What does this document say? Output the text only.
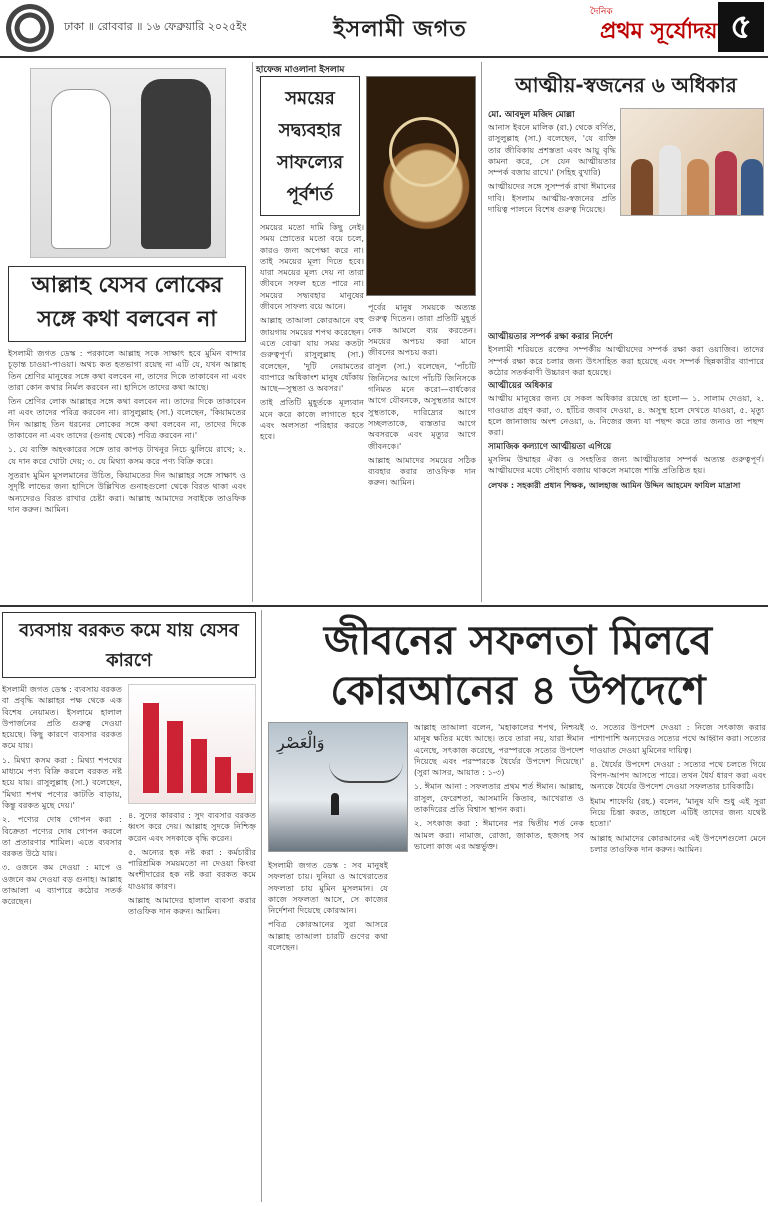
ঢাকা ॥ রোববার ॥ ১৬ ফেব্রুয়ারি ২০২৫ইং	ইসলামী জগত
দৈনিক
প্রথম সূর্যোদয় ৫
আল্লাহ যেসব লোকের সঙ্গে কথা বলবেন না

ইসলামী জগত ডেস্ক : পরকালে আল্লাহ সকে সাক্ষাৎ হবে মুমিন বান্দার চূড়ান্ত চাওয়া-পাওয়া। অথচ কত হতভাগা রয়েছ না এটি যে, যখন আল্লাহ তিন শ্রেণির মানুষের সঙ্গে কথা বলবেন না, তাদের দিকে তাকাবেন না এবং তারা কোন কথার নির্মল করবেন না। হাদিসে তাদের কথা আছে।

তিন শ্রেণির লোক আল্লাহর সঙ্গে কথা বলবেন না। তাদের দিকে তাকাবেন না এবং তাদের পবিত্র করবেন না। রাসুলুল্লাহ (সা.) বলেছেন, 'কিয়ামতের দিন আল্লাহ তিন ধরনের লোকের সঙ্গে কথা বলবেন না, তাদের দিকে তাকাবেন না এবং তাদের (গুনাহ থেকে) পবিত্র করবেন না।'

১. যে ব্যক্তি অহংকারের সঙ্গে তার কাপড় টাখনুর নিচে ঝুলিয়ে রাখে; ২. যে দান করে খোটা দেয়; ৩. যে মিথ্যা কসম করে পণ্য বিক্রি করে।

সুতরাং মুমিন মুসলমানের উচিত, কিয়ামতের দিন আল্লাহর সঙ্গে সাক্ষাৎ ও সুদৃষ্টি লাভের জন্য হাদিসে উল্লিখিত গুনাহগুলো থেকে বিরত থাকা এবং অন্যদেরও বিরত রাখার চেষ্টা করা। আল্লাহ আমাদের সবাইকে তাওফিক দান করুন। আমিন।

হাফেজ মাওলানা ইসলাম
সময়ের সদ্ব্যবহার সাফল্যের পূর্বশর্ত

সময়ের মতো দামি কিছু নেই। সময় স্রোতের মতো বয়ে চলে, কারও জন্য অপেক্ষা করে না। তাই সময়ের মূল্য দিতে হবে। যারা সময়ের মূল্য দেয় না তারা জীবনে সফল হতে পারে না। সময়ের সদ্ব্যবহার মানুষের জীবনে সাফল্য বয়ে আনে।

আল্লাহ তাআলা কোরআনে বহু জায়গায় সময়ের শপথ করেছেন। এতে বোঝা যায় সময় কতটা গুরুত্বপূর্ণ। রাসুলুল্লাহ (সা.) বলেছেন, 'দুটি নেয়ামতের ব্যাপারে অধিকাংশ মানুষ ধোঁকায় আছে—সুস্থতা ও অবসর।'

তাই প্রতিটি মুহূর্তকে মূল্যবান মনে করে কাজে লাগাতে হবে এবং অলসতা পরিহার করতে হবে।

পূর্বের মানুষ সময়কে অত্যন্ত গুরুত্ব দিতেন। তারা প্রতিটি মুহূর্ত নেক আমলে ব্যয় করতেন। সময়ের অপচয় করা মানে জীবনের অপচয় করা।

রাসুল (সা.) বলেছেন, 'পাঁচটি জিনিসের আগে পাঁচটি জিনিসকে গনিমত মনে করো—বার্ধক্যের আগে যৌবনকে, অসুস্থতার আগে সুস্থতাকে, দারিদ্র্যের আগে সচ্ছলতাকে, ব্যস্ততার আগে অবসরকে এবং মৃত্যুর আগে জীবনকে।'

আল্লাহ আমাদের সময়ের সঠিক ব্যবহার করার তাওফিক দান করুন। আমিন।

আত্মীয়-স্বজনের ৬ অধিকার
মো. আবদুল মজিদ মোল্লা

আনাস ইবনে মালিক (রা.) থেকে বর্ণিত, রাসুলুল্লাহ (সা.) বলেছেন, 'যে ব্যক্তি তার জীবিকায় প্রশস্ততা এবং আয়ু বৃদ্ধি কামনা করে, সে যেন আত্মীয়তার সম্পর্ক বজায় রাখে।' (সহিহ বুখারি)

আত্মীয়দের সঙ্গে সুসম্পর্ক রাখা ঈমানের দাবি। ইসলাম আত্মীয়-স্বজনের প্রতি দায়িত্ব পালনে বিশেষ গুরুত্ব দিয়েছে।

আত্মীয়তার সম্পর্ক রক্ষা করার নির্দেশ

ইসলামী শরিয়তে রক্তের সম্পর্কীয় আত্মীয়দের সম্পর্ক রক্ষা করা ওয়াজিব। তাদের সম্পর্ক রক্ষা করে চলার জন্য উৎসাহিত করা হয়েছে এবং সম্পর্ক ছিন্নকারীর ব্যাপারে কঠোর সতর্কবাণী উচ্চারণ করা হয়েছে।

আত্মীয়ের অধিকার

আত্মীয় মানুষের জন্য যে সকল অধিকার রয়েছে তা হলো— ১. সালাম দেওয়া, ২. দাওয়াত গ্রহণ করা, ৩. হাঁচির জবাব দেওয়া, ৪. অসুস্থ হলে দেখতে যাওয়া, ৫. মৃত্যু হলে জানাজায় অংশ নেওয়া, ৬. নিজের জন্য যা পছন্দ করে তার জন্যও তা পছন্দ করা।

সামাজিক কল্যাণে আত্মীয়তা এগিয়ে

মুসলিম উম্মাহর ঐক্য ও সংহতির জন্য আত্মীয়তার সম্পর্ক অত্যন্ত গুরুত্বপূর্ণ। আত্মীয়দের মধ্যে সৌহার্দ্য বজায় থাকলে সমাজে শান্তি প্রতিষ্ঠিত হয়।

লেখক : সহকারী প্রধান শিক্ষক, আলহাজ আমিন উদ্দিন আহমেদ ফাযিল মাদ্রাসা

ব্যবসায় বরকত কমে যায় যেসব কারণে

ইসলামী জগত ডেস্ক : ব্যবসায় বরকত বা প্রবৃদ্ধি আল্লাহর পক্ষ থেকে এক বিশেষ নেয়ামত। ইসলামে হালাল উপার্জনের প্রতি গুরুত্ব দেওয়া হয়েছে। কিছু কারণে ব্যবসার বরকত কমে যায়।

১. মিথ্যা কসম করা : মিথ্যা শপথের মাধ্যমে পণ্য বিক্রি করলে বরকত নষ্ট হয়ে যায়। রাসুলুল্লাহ (সা.) বলেছেন, 'মিথ্যা শপথ পণ্যের কাটতি বাড়ায়, কিন্তু বরকত মুছে দেয়।'

২. পণ্যের দোষ গোপন করা : বিক্রেতা পণ্যের দোষ গোপন করলে তা প্রতারণার শামিল। এতে ব্যবসার বরকত উঠে যায়।

৩. ওজনে কম দেওয়া : মাপে ও ওজনে কম দেওয়া বড় গুনাহ। আল্লাহ তাআলা এ ব্যাপারে কঠোর সতর্ক করেছেন।

৪. সুদের কারবার : সুদ ব্যবসার বরকত ধ্বংস করে দেয়। আল্লাহ সুদকে নিশ্চিহ্ন করেন এবং সদকাকে বৃদ্ধি করেন।

৫. অন্যের হক নষ্ট করা : কর্মচারীর পারিশ্রমিক সময়মতো না দেওয়া কিংবা অংশীদারের হক নষ্ট করা বরকত কমে যাওয়ার কারণ।

আল্লাহ আমাদের হালাল ব্যবসা করার তাওফিক দান করুন। আমিন।

জীবনের সফলতা মিলবে কোরআনের ৪ উপদেশে
وَالْعَصْرِ

ইসলামী জগত ডেস্ক : সব মানুষই সফলতা চায়। দুনিয়া ও আখেরাতের সফলতা চায় মুমিন মুসলমান। যে কাজে সফলতা আসে, সে কাজের নির্দেশনা দিয়েছে কোরআন।

পবিত্র কোরআনের সুরা আসরে আল্লাহ তাআলা চারটি গুণের কথা বলেছেন।

আল্লাহ তাআলা বলেন, 'মহাকালের শপথ, নিশ্চয়ই মানুষ ক্ষতির মধ্যে আছে। তবে তারা নয়, যারা ঈমান এনেছে, সৎকাজ করেছে, পরস্পরকে সত্যের উপদেশ দিয়েছে এবং পরস্পরকে ধৈর্যের উপদেশ দিয়েছে।' (সুরা আসর, আয়াত : ১-৩)

১. ঈমান আনা : সফলতার প্রথম শর্ত ঈমান। আল্লাহ, রাসুল, ফেরেশতা, আসমানি কিতাব, আখেরাত ও তাকদিরের প্রতি বিশ্বাস স্থাপন করা।

২. সৎকাজ করা : ঈমানের পর দ্বিতীয় শর্ত নেক আমল করা। নামাজ, রোজা, জাকাত, হজসহ সব ভালো কাজ এর অন্তর্ভুক্ত।

৩. সত্যের উপদেশ দেওয়া : নিজে সৎকাজ করার পাশাপাশি অন্যদেরও সত্যের পথে আহ্বান করা। সত্যের দাওয়াত দেওয়া মুমিনের দায়িত্ব।

৪. ধৈর্যের উপদেশ দেওয়া : সত্যের পথে চলতে গিয়ে বিপদ-আপদ আসতে পারে। তখন ধৈর্য ধারণ করা এবং অন্যকে ধৈর্যের উপদেশ দেওয়া সফলতার চাবিকাঠি।

ইমাম শাফেয়ি (রহ.) বলেন, 'মানুষ যদি শুধু এই সুরা নিয়ে চিন্তা করত, তাহলে এটিই তাদের জন্য যথেষ্ট হতো।'

আল্লাহ আমাদের কোরআনের এই উপদেশগুলো মেনে চলার তাওফিক দান করুন। আমিন।
